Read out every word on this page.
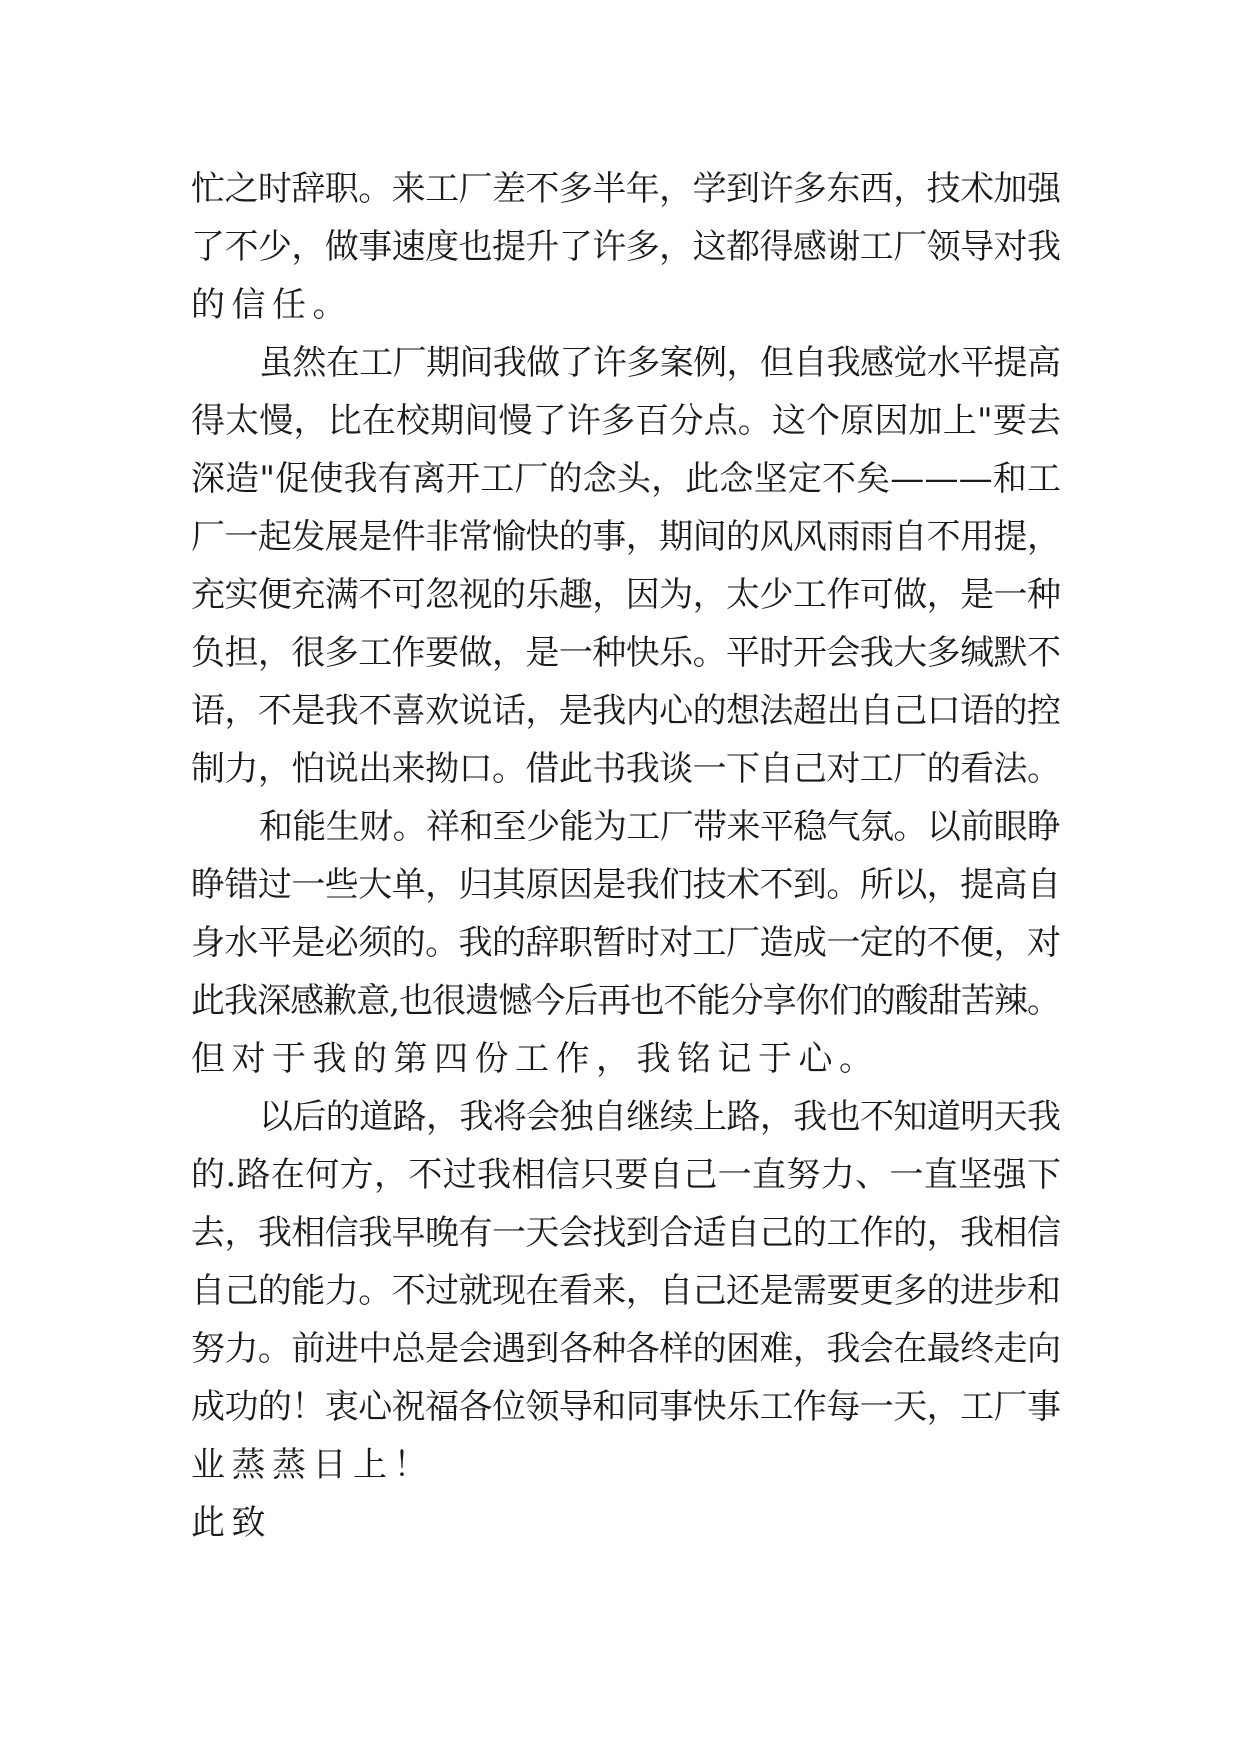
忙之时辞职。来工厂差不多半年，学到许多东西，技术加强
了不少，做事速度也提升了许多，这都得感谢工厂领导对我
的信任。
虽然在工厂期间我做了许多案例，但自我感觉水平提高
得太慢，比在校期间慢了许多百分点。这个原因加上"要去
深造"促使我有离开工厂的念头，此念坚定不矣———和工
厂一起发展是件非常愉快的事，期间的风风雨雨自不用提，
充实便充满不可忽视的乐趣，因为，太少工作可做，是一种
负担，很多工作要做，是一种快乐。平时开会我大多缄默不
语，不是我不喜欢说话，是我内心的想法超出自己口语的控
制力，怕说出来拗口。借此书我谈一下自己对工厂的看法。
和能生财。祥和至少能为工厂带来平稳气氛。以前眼睁
睁错过一些大单，归其原因是我们技术不到。所以，提高自
身水平是必须的。我的辞职暂时对工厂造成一定的不便，对
此我深感歉意,也很遗憾今后再也不能分享你们的酸甜苦辣。
但对于我的第四份工作，我铭记于心。
以后的道路，我将会独自继续上路，我也不知道明天我
的.路在何方，不过我相信只要自己一直努力、一直坚强下
去，我相信我早晚有一天会找到合适自己的工作的，我相信
自己的能力。不过就现在看来，自己还是需要更多的进步和
努力。前进中总是会遇到各种各样的困难，我会在最终走向
成功的！衷心祝福各位领导和同事快乐工作每一天，工厂事
业蒸蒸日上！
此致
